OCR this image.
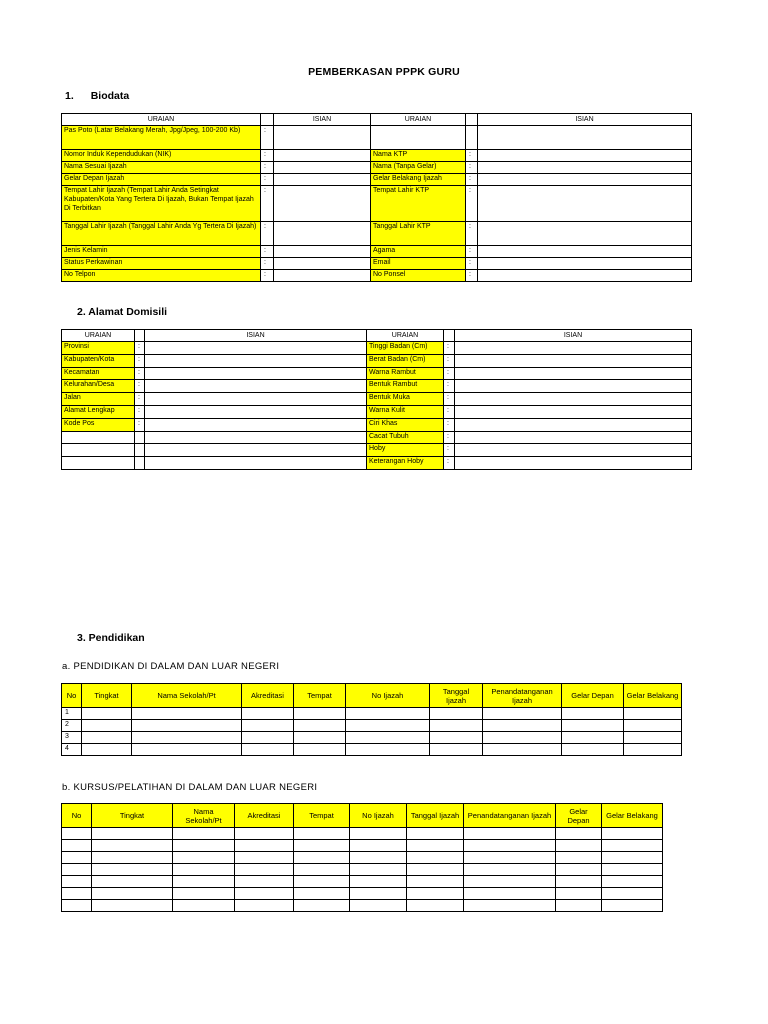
PEMBERKASAN PPPK GURU
1. Biodata
URAIAN		ISIAN	URAIAN		ISIAN
Pas Poto (Latar Belakang Merah, Jpg/Jpeg, 100-200 Kb)	:				
Nomor Induk Kependudukan (NIK)	:		Nama KTP	:	
Nama Sesuai Ijazah	:		Nama (Tanpa Gelar)	:	
Gelar Depan Ijazah	:		Gelar Belakang Ijazah	:	
Tempat Lahir Ijazah (Tempat Lahir Anda Setingkat Kabupaten/Kota Yang Tertera Di Ijazah, Bukan Tempat Ijazah Di Terbitkan	:		Tempat Lahir KTP	:	
Tanggal Lahir Ijazah (Tanggal Lahir Anda Yg Tertera Di Ijazah)	:		Tanggal Lahir KTP	:	
Jenis Kelamin	:		Agama	:	
Status Perkawinan	:		Email	:	
No Telpon	:		No Ponsel	:	
2. Alamat Domisili
URAIAN		ISIAN	URAIAN		ISIAN
Provinsi	:		Tinggi Badan (Cm)	:	
Kabupaten/Kota	:		Berat Badan (Cm)	:	
Kecamatan	:		Warna Rambut	:	
Kelurahan/Desa	:		Bentuk Rambut	:	
Jalan	:		Bentuk Muka	:	
Alamat Lengkap	:		Warna Kulit	:	
Kode Pos	:		Ciri Khas	:	
			Cacat Tubuh	:	
			Hoby	:	
			Keterangan Hoby	:	
3. Pendidikan
a. PENDIDIKAN DI DALAM DAN LUAR NEGERI
No	Tingkat	Nama Sekolah/Pt	Akreditasi	Tempat	No Ijazah	Tanggal Ijazah	Penandatanganan Ijazah	Gelar Depan	Gelar Belakang
1									
2									
3									
4									
b. KURSUS/PELATIHAN DI DALAM DAN LUAR NEGERI
No	Tingkat	Nama Sekolah/Pt	Akreditasi	Tempat	No Ijazah	Tanggal Ijazah	Penandatanganan Ijazah	Gelar Depan	Gelar Belakang
